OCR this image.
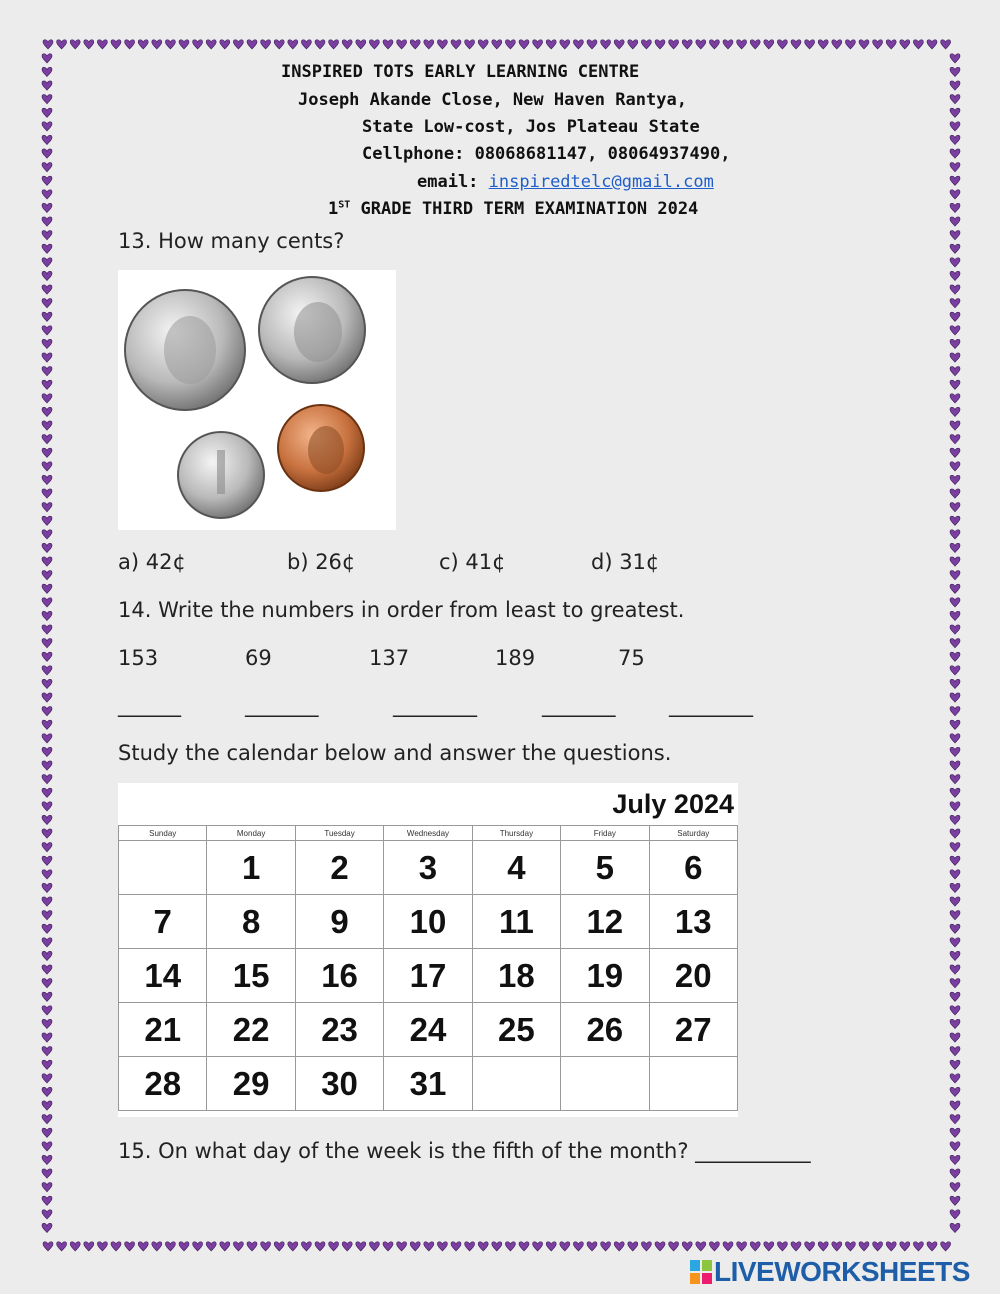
INSPIRED TOTS EARLY LEARNING CENTRE
Joseph Akande Close, New Haven Rantya,
State Low-cost, Jos Plateau State
Cellphone: 08068681147, 08064937490,
email: inspiredtelc@gmail.com
1ST GRADE THIRD TERM EXAMINATION 2024
13. How many cents?
a) 42¢	b) 26¢	c) 41¢	d) 31¢
14. Write the numbers in order from least to greatest.
153	69	137	189	75
______	_______	________	_______	________
Study the calendar below and answer the questions.
July 2024
Sunday	Monday	Tuesday	Wednesday	Thursday	Friday	Saturday
	1	2	3	4	5	6
7	8	9	10	11	12	13
14	15	16	17	18	19	20
21	22	23	24	25	26	27
28	29	30	31			
15. On what day of the week is the fifth of the month? ___________
LIVEWORKSHEETS
